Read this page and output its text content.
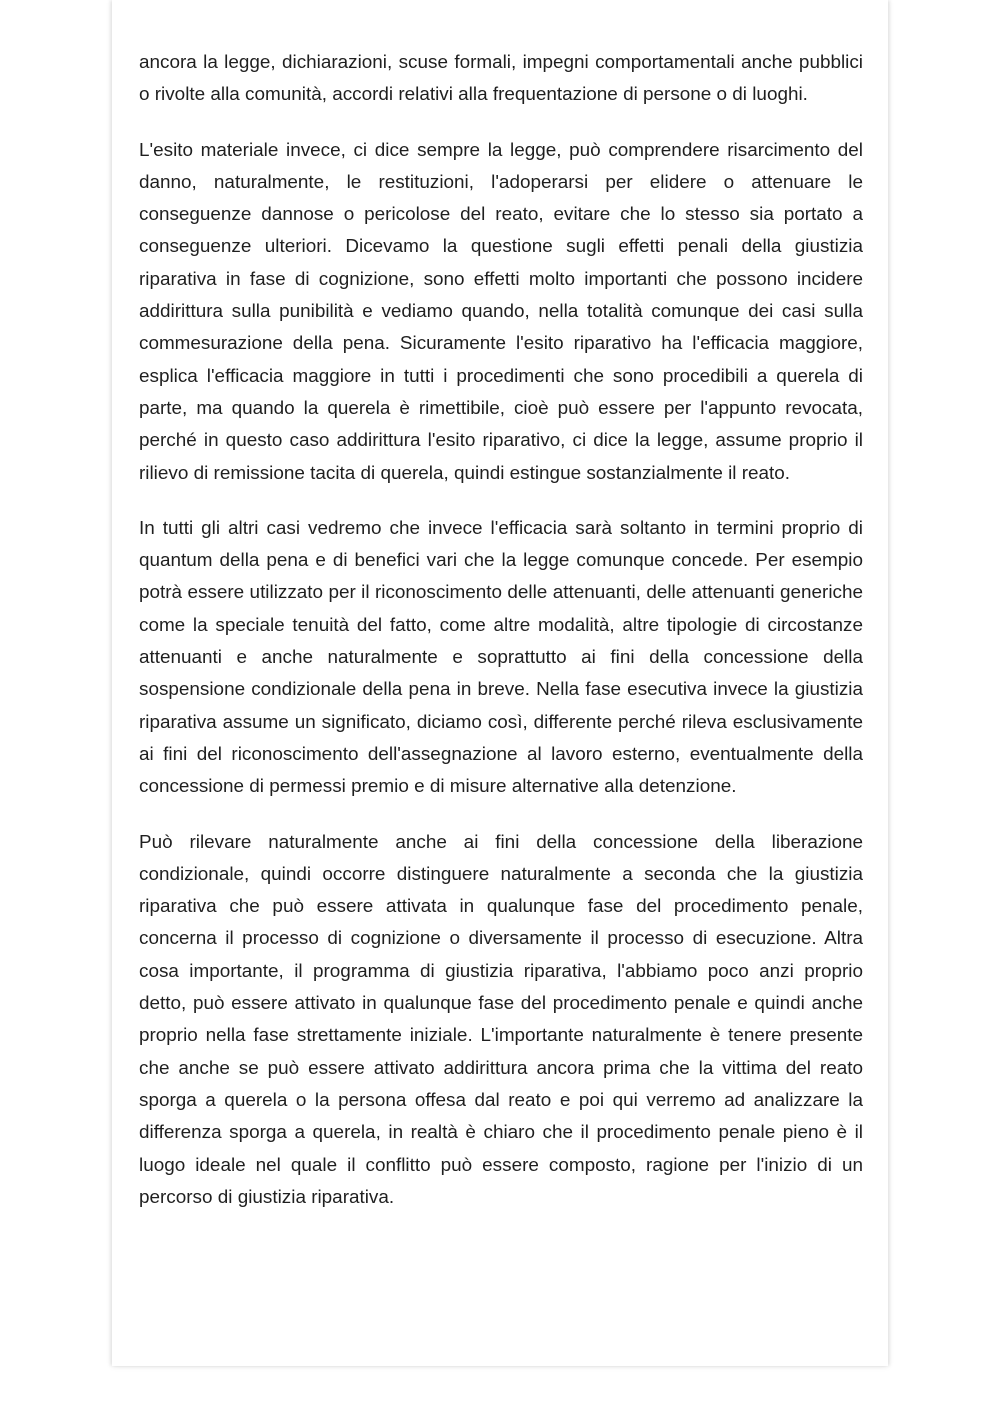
ancora la legge, dichiarazioni, scuse formali, impegni comportamentali anche pubblici o rivolte alla comunità, accordi relativi alla frequentazione di persone o di luoghi.

L'esito materiale invece, ci dice sempre la legge, può comprendere risarcimento del danno, naturalmente, le restituzioni, l'adoperarsi per elidere o attenuare le conseguenze dannose o pericolose del reato, evitare che lo stesso sia portato a conseguenze ulteriori. Dicevamo la questione sugli effetti penali della giustizia riparativa in fase di cognizione, sono effetti molto importanti che possono incidere addirittura sulla punibilità e vediamo quando, nella totalità comunque dei casi sulla commesurazione della pena. Sicuramente l'esito riparativo ha l'efficacia maggiore, esplica l'efficacia maggiore in tutti i procedimenti che sono procedibili a querela di parte, ma quando la querela è rimettibile, cioè può essere per l'appunto revocata, perché in questo caso addirittura l'esito riparativo, ci dice la legge, assume proprio il rilievo di remissione tacita di querela, quindi estingue sostanzialmente il reato.

In tutti gli altri casi vedremo che invece l'efficacia sarà soltanto in termini proprio di quantum della pena e di benefici vari che la legge comunque concede. Per esempio potrà essere utilizzato per il riconoscimento delle attenuanti, delle attenuanti generiche come la speciale tenuità del fatto, come altre modalità, altre tipologie di circostanze attenuanti e anche naturalmente e soprattutto ai fini della concessione della sospensione condizionale della pena in breve. Nella fase esecutiva invece la giustizia riparativa assume un significato, diciamo così, differente perché rileva esclusivamente ai fini del riconoscimento dell'assegnazione al lavoro esterno, eventualmente della concessione di permessi premio e di misure alternative alla detenzione.

Può rilevare naturalmente anche ai fini della concessione della liberazione condizionale, quindi occorre distinguere naturalmente a seconda che la giustizia riparativa che può essere attivata in qualunque fase del procedimento penale, concerna il processo di cognizione o diversamente il processo di esecuzione. Altra cosa importante, il programma di giustizia riparativa, l'abbiamo poco anzi proprio detto, può essere attivato in qualunque fase del procedimento penale e quindi anche proprio nella fase strettamente iniziale. L'importante naturalmente è tenere presente che anche se può essere attivato addirittura ancora prima che la vittima del reato sporga a querela o la persona offesa dal reato e poi qui verremo ad analizzare la differenza sporga a querela, in realtà è chiaro che il procedimento penale pieno è il luogo ideale nel quale il conflitto può essere composto, ragione per l'inizio di un percorso di giustizia riparativa.
